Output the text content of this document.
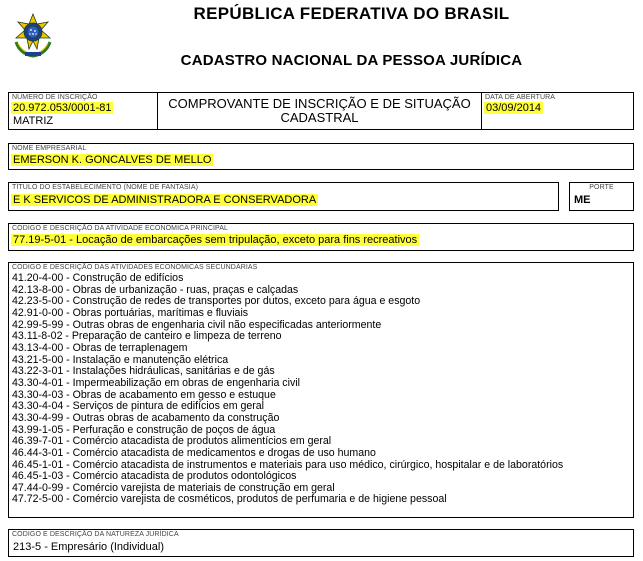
REPÚBLICA FEDERATIVA DO BRASIL
CADASTRO NACIONAL DA PESSOA JURÍDICA
NÚMERO DE INSCRIÇÃO
20.972.053/0001-81
MATRIZ
COMPROVANTE DE INSCRIÇÃO E DE SITUAÇÃO
CADASTRAL
DATA DE ABERTURA
03/09/2014
NOME EMPRESARIAL
EMERSON K. GONCALVES DE MELLO
TÍTULO DO ESTABELECIMENTO (NOME DE FANTASIA)
E K SERVICOS DE ADMINISTRADORA E CONSERVADORA
PORTE
ME
CÓDIGO E DESCRIÇÃO DA ATIVIDADE ECONÔMICA PRINCIPAL
77.19-5-01 - Locação de embarcações sem tripulação, exceto para fins recreativos
CÓDIGO E DESCRIÇÃO DAS ATIVIDADES ECONÔMICAS SECUNDÁRIAS
41.20-4-00 - Construção de edifícios
42.13-8-00 - Obras de urbanização - ruas, praças e calçadas
42.23-5-00 - Construção de redes de transportes por dutos, exceto para água e esgoto
42.91-0-00 - Obras portuárias, marítimas e fluviais
42.99-5-99 - Outras obras de engenharia civil não especificadas anteriormente
43.11-8-02 - Preparação de canteiro e limpeza de terreno
43.13-4-00 - Obras de terraplenagem
43.21-5-00 - Instalação e manutenção elétrica
43.22-3-01 - Instalações hidráulicas, sanitárias e de gás
43.30-4-01 - Impermeabilização em obras de engenharia civil
43.30-4-03 - Obras de acabamento em gesso e estuque
43.30-4-04 - Serviços de pintura de edifícios em geral
43.30-4-99 - Outras obras de acabamento da construção
43.99-1-05 - Perfuração e construção de poços de água
46.39-7-01 - Comércio atacadista de produtos alimentícios em geral
46.44-3-01 - Comércio atacadista de medicamentos e drogas de uso humano
46.45-1-01 - Comércio atacadista de instrumentos e materiais para uso médico, cirúrgico, hospitalar e de laboratórios
46.45-1-03 - Comércio atacadista de produtos odontológicos
47.44-0-99 - Comércio varejista de materiais de construção em geral
47.72-5-00 - Comércio varejista de cosméticos, produtos de perfumaria e de higiene pessoal
CÓDIGO E DESCRIÇÃO DA NATUREZA JURÍDICA
213-5 - Empresário (Individual)
